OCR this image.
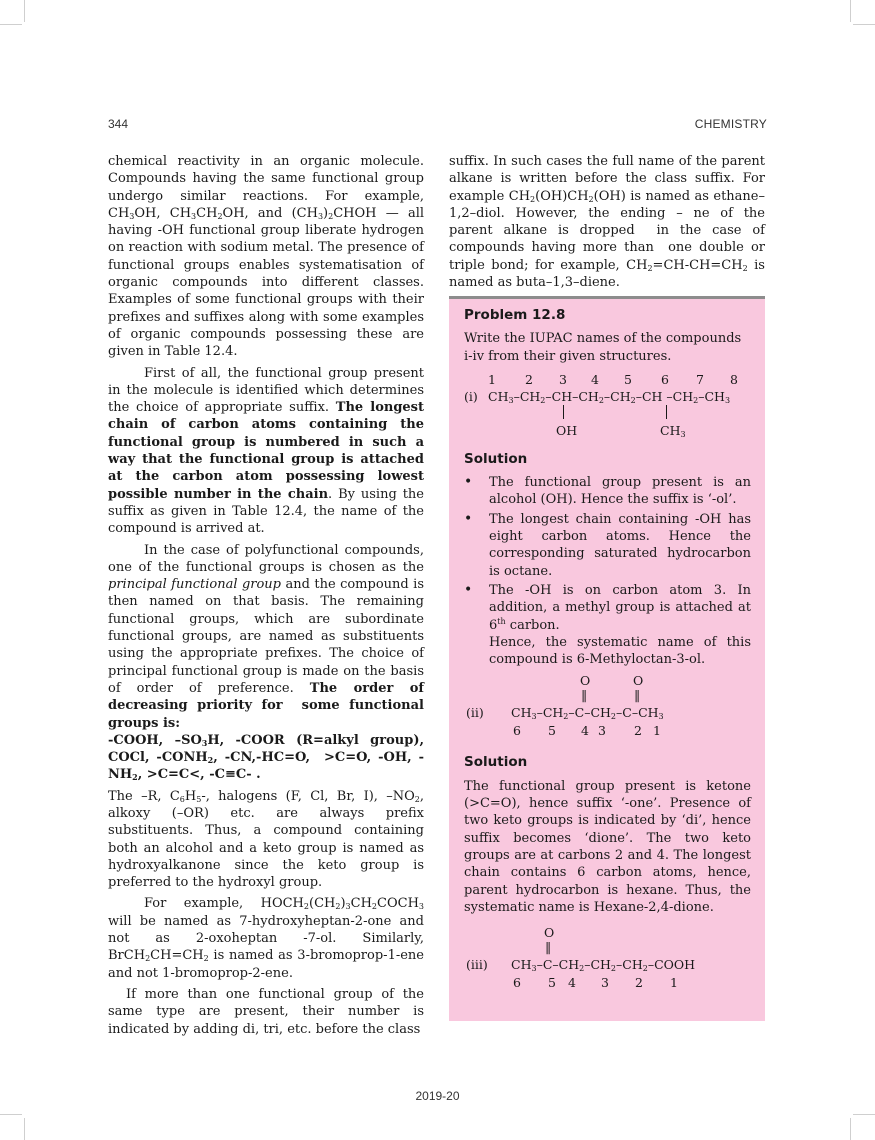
344	CHEMISTRY

chemical reactivity in an organic molecule. Compounds having the same functional group undergo similar reactions. For example, $CH_3OH$, $CH_3CH_2OH$, and $(CH_3)_2CHOH$ — all having -OH functional group liberate hydrogen on reaction with sodium metal. The presence of functional groups enables systematisation of organic compounds into different classes. Examples of some functional groups with their prefixes and suffixes along with some examples of organic compounds possessing these are given in Table 12.4.

First of all, the functional group present in the molecule is identified which determines the choice of appropriate suffix. The longest chain of carbon atoms containing the functional group is numbered in such a way that the functional group is attached at the carbon atom possessing lowest possible number in the chain. By using the suffix as given in Table 12.4, the name of the compound is arrived at.

In the case of polyfunctional compounds, one of the functional groups is chosen as the principal functional group and the compound is then named on that basis. The remaining functional groups, which are subordinate functional groups, are named as substituents using the appropriate prefixes. The choice of principal functional group is made on the basis of order of preference. The order of decreasing priority for  some functional groups is:

-COOH, $-SO_3H$, -COOR (R=alkyl group), COCl, $-CONH_2$, -CN,-HC=O,  >C=O, -OH, $-NH_2$, >C=C<, -C≡C- .

The –R, $C_6H_5-$, halogens (F, Cl, Br, I), $-NO_2$, alkoxy (–OR) etc. are always prefix substituents. Thus, a compound containing both an alcohol and a keto group is named as hydroxyalkanone since the keto group is preferred to the hydroxyl group.

For example, $HOCH_2(CH_2)_3CH_2COCH_3$ will be named as 7-hydroxyheptan-2-one and not as 2-oxoheptan -7-ol. Similarly, $BrCH_2CH=CH_2$ is named as 3-bromoprop-1-ene and not 1-bromoprop-2-ene.

If more than one functional group of the same type are present, their number is indicated by adding di, tri, etc. before the class

suffix. In such cases the full name of the parent alkane is written before the class suffix. For example $CH_2(OH)CH_2(OH)$ is named as ethane–1,2–diol. However, the ending – ne of the parent alkane is dropped  in the case of compounds having more than  one double or triple bond; for example, $CH_2=CH-CH=CH_2$ is named as buta–1,3–diene.

Problem 12.8

Write the IUPAC names of the compounds i-iv from their given structures.

1 2 3 4 5 6 7 8
(i) $CH_3-CH_2-CH-CH_2-CH_2-CH$ $-CH_2-CH_3$
OH	$CH_3$
Solution
• The functional group present is an alcohol (OH). Hence the suffix is ‘-ol’.
• The longest chain containing -OH has eight carbon atoms. Hence the corresponding saturated hydrocarbon is octane.
• The -OH is on carbon atom 3. In addition, a methyl group is attached at 6th carbon.
Hence, the systematic name of this compound is 6-Methyloctan-3-ol.
O	O
‖	‖
(ii) $CH_3-CH_2-C-CH_2-C-CH_3$
6 5 4 3 2 1
Solution

The functional group present is ketone (>C=O), hence suffix ‘-one’. Presence of two keto groups is indicated by ‘di’, hence suffix becomes ‘dione’. The two keto groups are at carbons 2 and 4. The longest chain contains 6 carbon atoms, hence, parent hydrocarbon is hexane. Thus, the systematic name is Hexane-2,4-dione.

O
‖
(iii) $CH_3-C-CH_2-CH_2-CH_2$–COOH
6 5 4 3 2 1
2019-20
